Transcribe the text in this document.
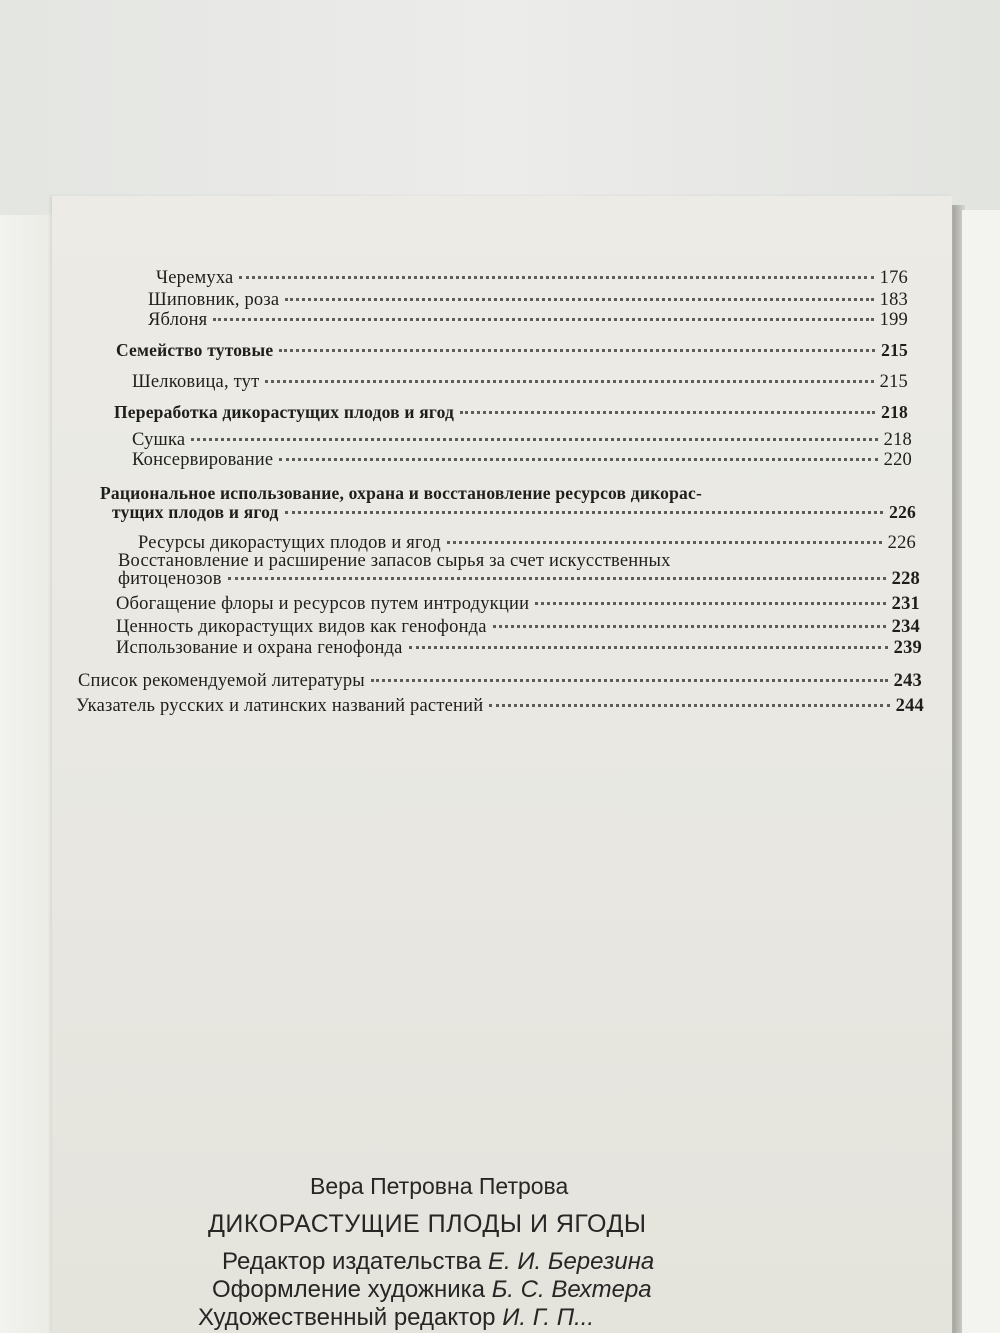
Черемуха	176
Шиповник, роза	183
Яблоня	199
Семейство тутовые	215
Шелковица, тут	215
Переработка дикорастущих плодов и ягод	218
Сушка	218
Консервирование	220
Рациональное использование, охрана и восстановление ресурсов дикорас-
тущих плодов и ягод	226
Ресурсы дикорастущих плодов и ягод	226
Восстановление и расширение запасов сырья за счет искусственных
фитоценозов	228
Обогащение флоры и ресурсов путем интродукции	231
Ценность дикорастущих видов как генофонда	234
Использование и охрана генофонда	239
Список рекомендуемой литературы	243
Указатель русских и латинских названий растений	244
Вера Петровна Петрова
ДИКОРАСТУЩИЕ ПЛОДЫ И ЯГОДЫ
Редактор издательства Е. И. Березина
Оформление художника Б. С. Вехтера
Художественный редактор И. Г. П...
